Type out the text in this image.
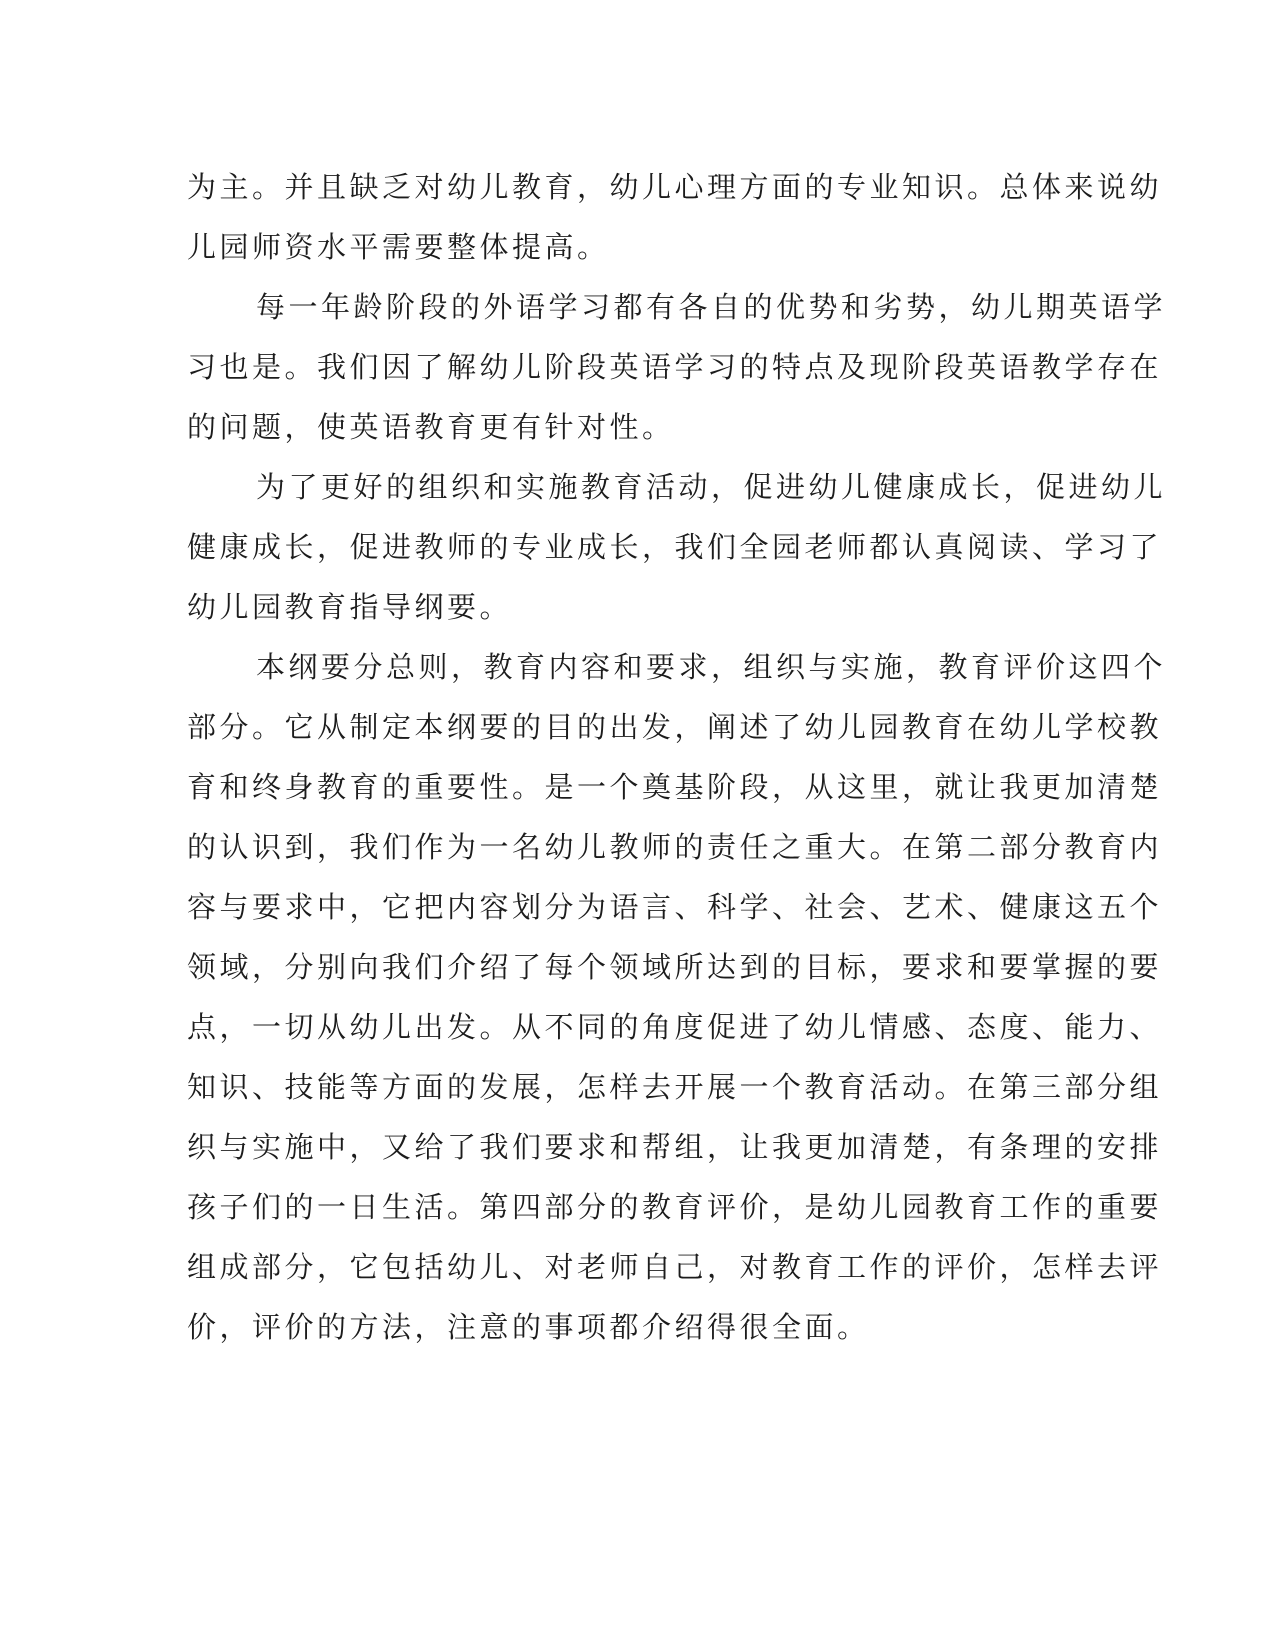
为主。并且缺乏对幼儿教育，幼儿心理方面的专业知识。总体来说幼
儿园师资水平需要整体提高。
每一年龄阶段的外语学习都有各自的优势和劣势，幼儿期英语学
习也是。我们因了解幼儿阶段英语学习的特点及现阶段英语教学存在
的问题，使英语教育更有针对性。
为了更好的组织和实施教育活动，促进幼儿健康成长，促进幼儿
健康成长，促进教师的专业成长，我们全园老师都认真阅读、学习了
幼儿园教育指导纲要。
本纲要分总则，教育内容和要求，组织与实施，教育评价这四个
部分。它从制定本纲要的目的出发，阐述了幼儿园教育在幼儿学校教
育和终身教育的重要性。是一个奠基阶段，从这里，就让我更加清楚
的认识到，我们作为一名幼儿教师的责任之重大。在第二部分教育内
容与要求中，它把内容划分为语言、科学、社会、艺术、健康这五个
领域，分别向我们介绍了每个领域所达到的目标，要求和要掌握的要
点，一切从幼儿出发。从不同的角度促进了幼儿情感、态度、能力、
知识、技能等方面的发展，怎样去开展一个教育活动。在第三部分组
织与实施中，又给了我们要求和帮组，让我更加清楚，有条理的安排
孩子们的一日生活。第四部分的教育评价，是幼儿园教育工作的重要
组成部分，它包括幼儿、对老师自己，对教育工作的评价，怎样去评
价，评价的方法，注意的事项都介绍得很全面。
